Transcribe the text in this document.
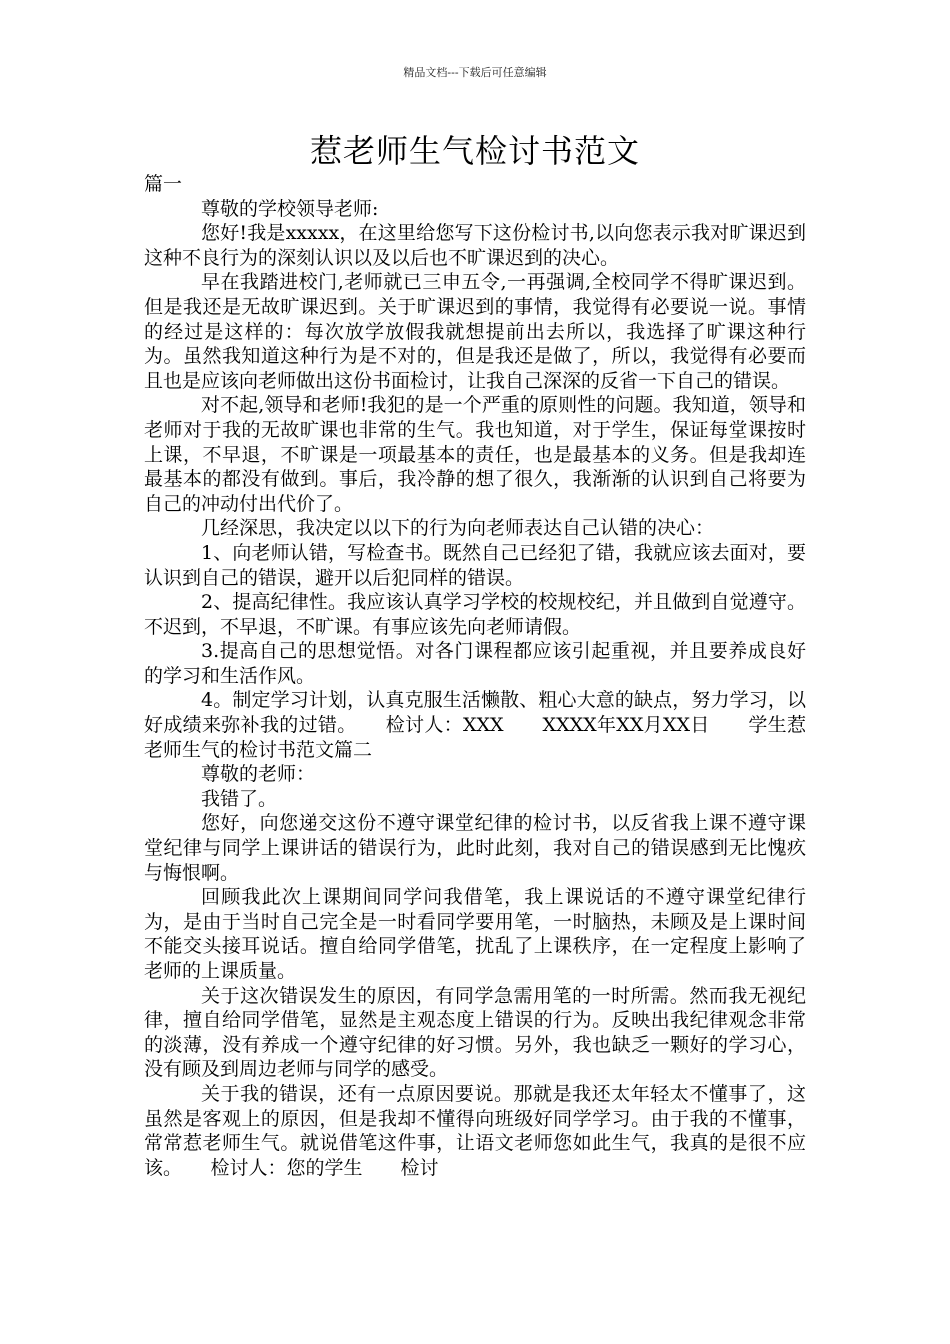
精品文档---下载后可任意编辑
惹老师生气检讨书范文

篇一

尊敬的学校领导老师:

您好!我是xxxxx，在这里给您写下这份检讨书,以向您表示我对旷课迟到这种不良行为的深刻认识以及以后也不旷课迟到的决心。

早在我踏进校门,老师就已三申五令,一再强调,全校同学不得旷课迟到。但是我还是无故旷课迟到。关于旷课迟到的事情，我觉得有必要说一说。事情的经过是这样的：每次放学放假我就想提前出去所以，我选择了旷课这种行为。虽然我知道这种行为是不对的，但是我还是做了，所以，我觉得有必要而且也是应该向老师做出这份书面检讨，让我自己深深的反省一下自己的错误。

对不起,领导和老师!我犯的是一个严重的原则性的问题。我知道，领导和老师对于我的无故旷课也非常的生气。我也知道，对于学生，保证每堂课按时上课，不早退，不旷课是一项最基本的责任，也是最基本的义务。但是我却连最基本的都没有做到。事后，我冷静的想了很久，我渐渐的认识到自己将要为自己的冲动付出代价了。

几经深思，我决定以以下的行为向老师表达自己认错的决心：

1、向老师认错，写检查书。既然自己已经犯了错，我就应该去面对，要认识到自己的错误，避开以后犯同样的错误。

2、提高纪律性。我应该认真学习学校的校规校纪，并且做到自觉遵守。不迟到，不早退，不旷课。有事应该先向老师请假。

3.提高自己的思想觉悟。对各门课程都应该引起重视，并且要养成良好的学习和生活作风。

4。制定学习计划，认真克服生活懒散、粗心大意的缺点，努力学习，以好成绩来弥补我的过错。　　检讨人：XXX　　XXXX年XX月XX日　　学生惹老师生气的检讨书范文篇二

尊敬的老师：

我错了。

您好，向您递交这份不遵守课堂纪律的检讨书，以反省我上课不遵守课堂纪律与同学上课讲话的错误行为，此时此刻，我对自己的错误感到无比愧疚与悔恨啊。

回顾我此次上课期间同学问我借笔，我上课说话的不遵守课堂纪律行为，是由于当时自己完全是一时看同学要用笔，一时脑热，未顾及是上课时间不能交头接耳说话。擅自给同学借笔，扰乱了上课秩序，在一定程度上影响了老师的上课质量。

关于这次错误发生的原因，有同学急需用笔的一时所需。然而我无视纪律，擅自给同学借笔，显然是主观态度上错误的行为。反映出我纪律观念非常的淡薄，没有养成一个遵守纪律的好习惯。另外，我也缺乏一颗好的学习心，没有顾及到周边老师与同学的感受。

关于我的错误，还有一点原因要说。那就是我还太年轻太不懂事了，这虽然是客观上的原因，但是我却不懂得向班级好同学学习。由于我的不懂事，常常惹老师生气。就说借笔这件事，让语文老师您如此生气，我真的是很不应该。　　检讨人：您的学生　　检讨
